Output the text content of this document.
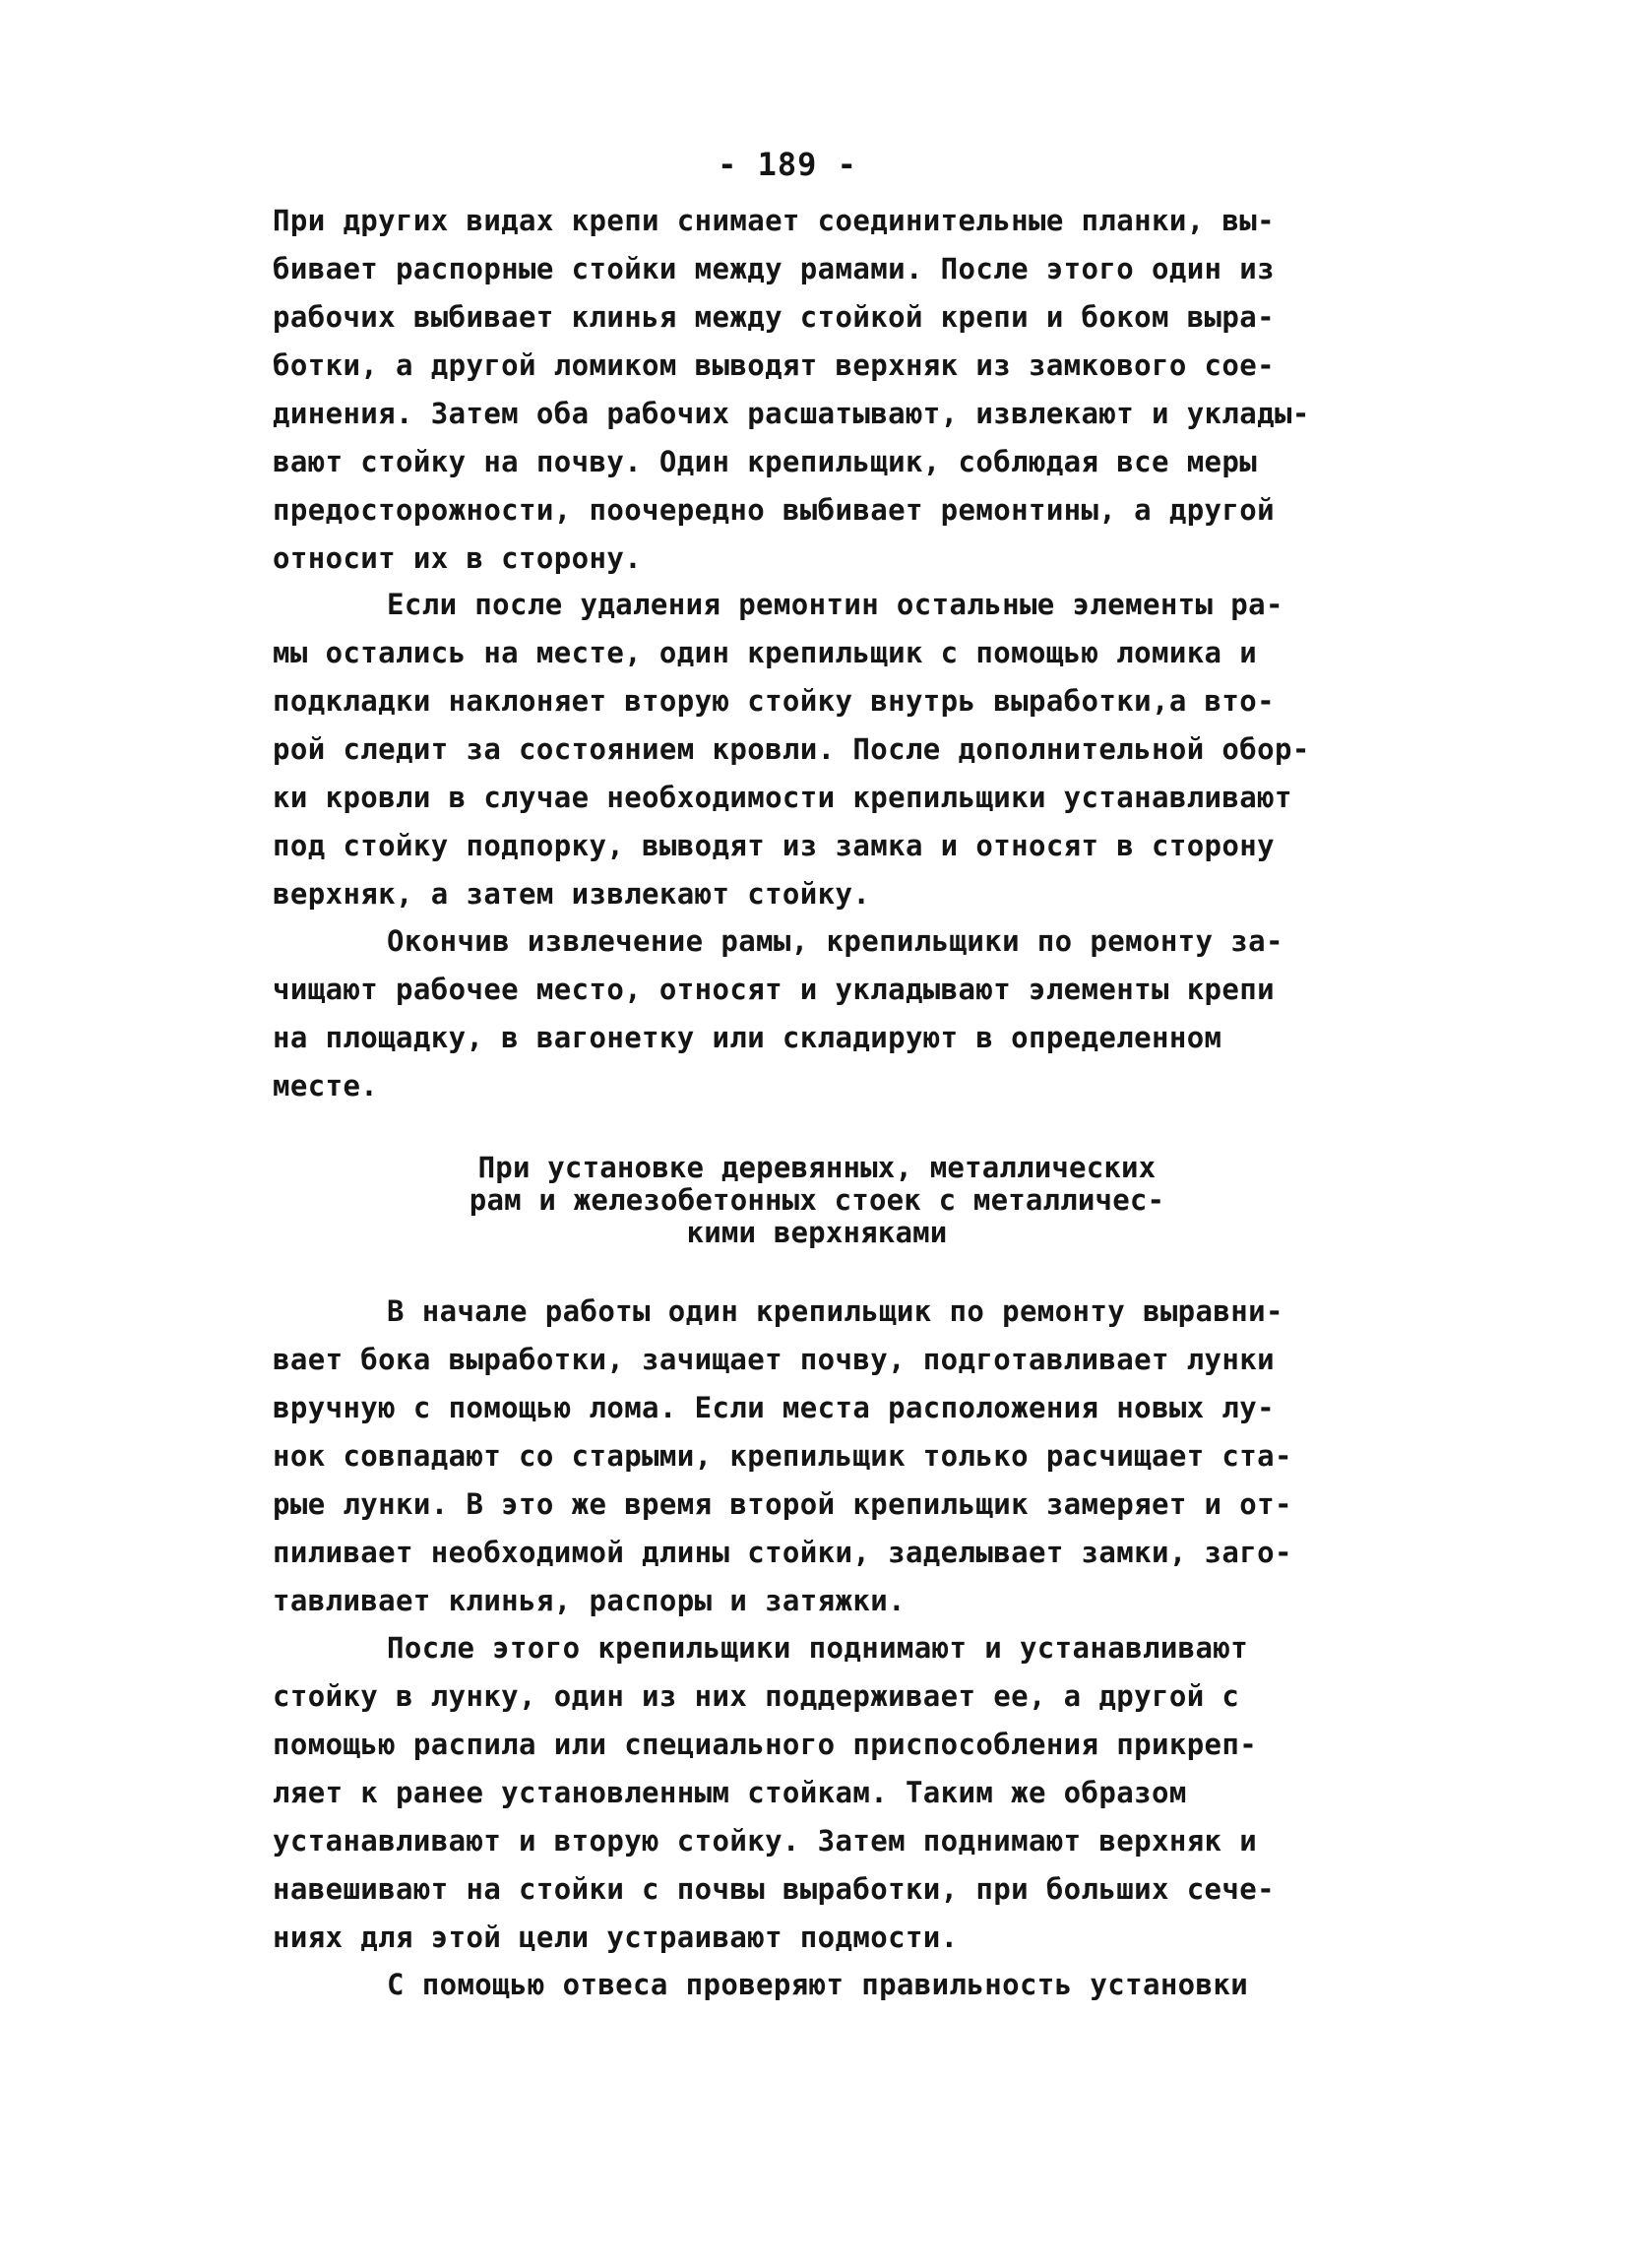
- 189 -
При других видах крепи снимает соединительные планки, вы-
бивает распорные стойки между рамами. После этого один из
рабочих выбивает клинья между стойкой крепи и боком выра-
ботки, а другой ломиком выводят верхняк из замкового сое-
динения. Затем оба рабочих расшатывают, извлекают и уклады-
вают стойку на почву. Один крепильщик, соблюдая все меры
предосторожности, поочередно выбивает ремонтины, а другой
относит их в сторону.
Если после удаления ремонтин остальные элементы ра-
мы остались на месте, один крепильщик с помощью ломика и
подкладки наклоняет вторую стойку внутрь выработки,а вто-
рой следит за состоянием кровли. После дополнительной обор-
ки кровли в случае необходимости крепильщики устанавливают
под стойку подпорку, выводят из замка и относят в сторону
верхняк, а затем извлекают стойку.
Окончив извлечение рамы, крепильщики по ремонту за-
чищают рабочее место, относят и укладывают элементы крепи
на площадку, в вагонетку или складируют в определенном
месте.
При установке деревянных, металлических
рам и железобетонных стоек с металличес-
кими верхняками
В начале работы один крепильщик по ремонту выравни-
вает бока выработки, зачищает почву, подготавливает лунки
вручную с помощью лома. Если места расположения новых лу-
нок совпадают со старыми, крепильщик только расчищает ста-
рые лунки. В это же время второй крепильщик замеряет и от-
пиливает необходимой длины стойки, заделывает замки, заго-
тавливает клинья, распоры и затяжки.
После этого крепильщики поднимают и устанавливают
стойку в лунку, один из них поддерживает ее, а другой с
помощью распила или специального приспособления прикреп-
ляет к ранее установленным стойкам. Таким же образом
устанавливают и вторую стойку. Затем поднимают верхняк и
навешивают на стойки с почвы выработки, при больших сече-
ниях для этой цели устраивают подмости.
С помощью отвеса проверяют правильность установки
